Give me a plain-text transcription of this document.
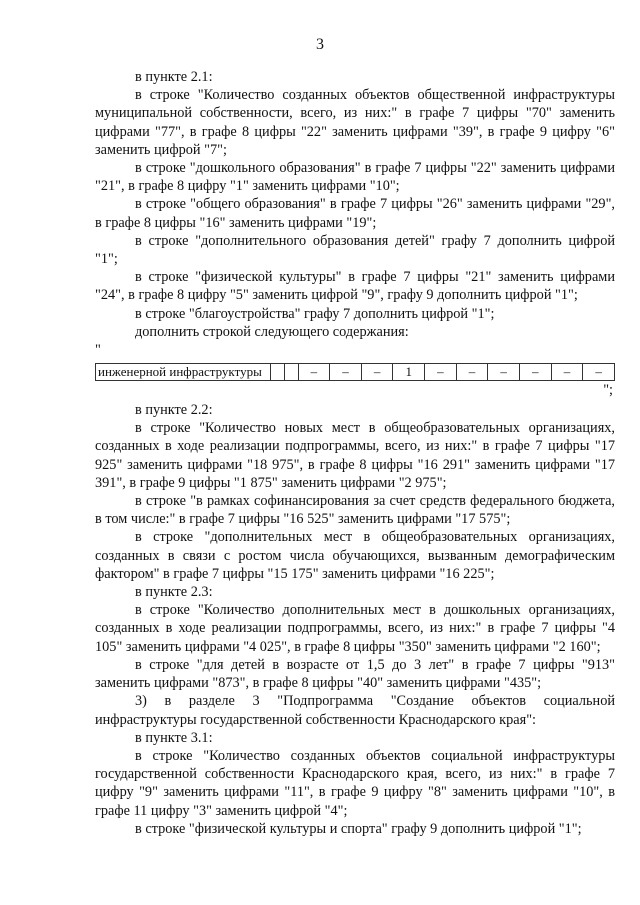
3

в пункте 2.1:

в строке "Количество созданных объектов общественной инфраструктуры муниципальной собственности, всего, из них:" в графе 7 цифры "70" заменить цифрами "77", в графе 8 цифры "22" заменить цифрами "39", в графе 9 цифру "6" заменить цифрой "7";

в строке "дошкольного образования" в графе 7 цифры "22" заменить цифрами "21", в графе 8 цифру "1" заменить цифрами "10";

в строке "общего образования" в графе 7 цифры "26" заменить цифрами "29", в графе 8 цифры "16" заменить цифрами "19";

в строке "дополнительного образования детей" графу 7 дополнить цифрой "1";

в строке "физической культуры" в графе 7 цифры "21" заменить цифрами "24", в графе 8 цифру "5" заменить цифрой "9", графу 9 дополнить цифрой "1";

в строке "благоустройства" графу 7 дополнить цифрой "1";

дополнить строкой следующего содержания:

"
инженерной инфраструктуры			–	–	–	1	–	–	–	–	–	–
";

в пункте 2.2:

в строке "Количество новых мест в общеобразовательных организациях, созданных в ходе реализации подпрограммы, всего, из них:" в графе 7 цифры "17 925" заменить цифрами "18 975", в графе 8 цифры "16 291" заменить цифрами "17 391", в графе 9 цифры "1 875" заменить цифрами "2 975";

в строке "в рамках софинансирования за счет средств федерального бюджета, в том числе:" в графе 7 цифры "16 525" заменить цифрами "17 575";

в строке "дополнительных мест в общеобразовательных организациях, созданных в связи с ростом числа обучающихся, вызванным демографическим фактором" в графе 7 цифры "15 175" заменить цифрами "16 225";

в пункте 2.3:

в строке "Количество дополнительных мест в дошкольных организациях, созданных в ходе реализации подпрограммы, всего, из них:" в графе 7 цифры "4 105" заменить цифрами "4 025", в графе 8 цифры "350" заменить цифрами "2 160";

в строке "для детей в возрасте от 1,5 до 3 лет" в графе 7 цифры "913" заменить цифрами "873", в графе 8 цифры "40" заменить цифрами "435";

3) в разделе 3 "Подпрограмма "Создание объектов социальной инфраструктуры государственной собственности Краснодарского края":

в пункте 3.1:

в строке "Количество созданных объектов социальной инфраструктуры государственной собственности Краснодарского края, всего, из них:" в графе 7 цифру "9" заменить цифрами "11", в графе 9 цифру "8" заменить цифрами "10", в графе 11 цифру "3" заменить цифрой "4";

в строке "физической культуры и спорта" графу 9 дополнить цифрой "1";
